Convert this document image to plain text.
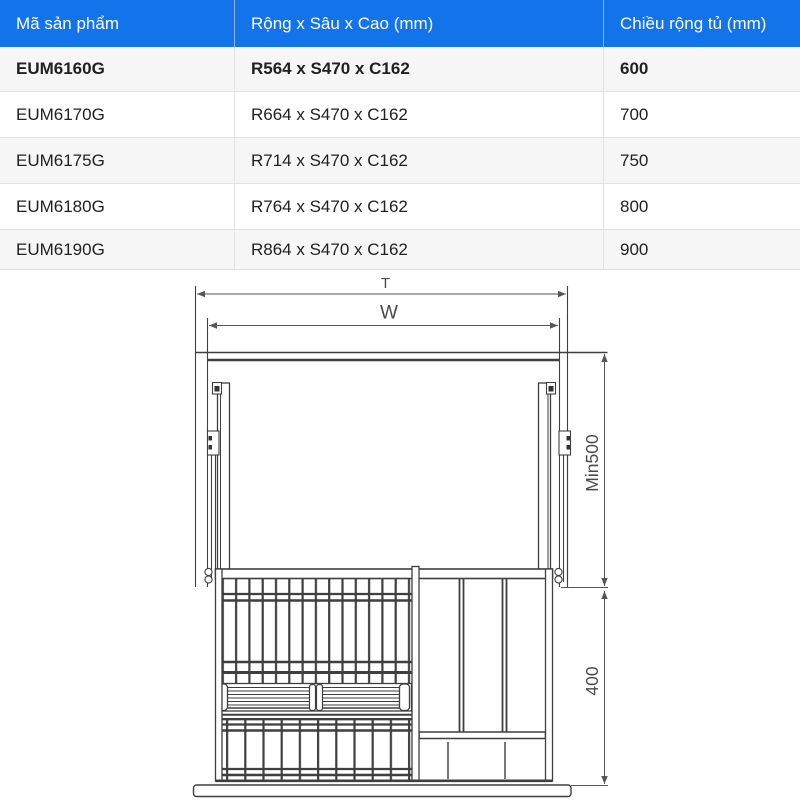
Mã sản phẩm	Rộng x Sâu x Cao (mm)	Chiều rộng tủ (mm)
EUM6160G	R564 x S470 x C162	600
EUM6170G	R664 x S470 x C162	700
EUM6175G	R714 x S470 x C162	750
EUM6180G	R764 x S470 x C162	800
EUM6190G	R864 x S470 x C162	900
T
W
Min500
400
